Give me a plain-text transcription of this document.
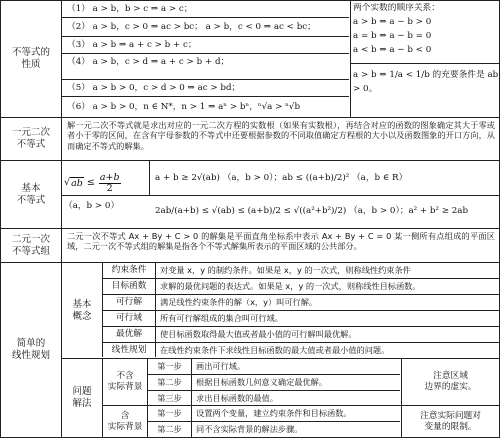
不等式的
性质
（1） a > b，b > c ⇒ a > c；
（2） a > b，c > 0 ⇒ ac > bc； a > b，c < 0 ⇒ ac < bc；
（3） a > b ⇒ a + c > b + c；
（4） a > b，c > d ⇒ a + c > b + d；
（5） a > b > 0，c > d > 0 ⇒ ac > bd；
（6） a > b > 0，n ∈ N*，n > 1 ⇒ aⁿ > bⁿ，ⁿ√a > ⁿ√b
两个实数的顺序关系：
a > b ⇔ a − b > 0
a = b ⇔ a − b = 0
a < b ⇔ a − b < 0
a > b ⇔ 1/a < 1/b 的充要条件是 ab > 0。
一元二次
不等式
解一元二次不等式就是求出对应的一元二次方程的实数根（如果有实数根），再结合对应的函数的图象确定其大于零或者小于零的区间，在含有字母参数的不等式中还要根据参数的不同取值确定方程根的大小以及函数图象的开口方向，从而确定不等式的解集。
基本
不等式
√ ab ≤ $\frac{a+b}{2}$
（a，b > 0）
a + b ≥ 2√(ab) （a，b > 0）；ab ≤ ((a+b)/2)² （a，b ∈ R）
2ab/(a+b) ≤ √(ab) ≤ (a+b)/2 ≤ √((a²+b²)/2) （a，b > 0）；a² + b² ≥ 2ab
二元一次
不等式组
二元一次不等式 Ax + By + C > 0 的解集是平面直角坐标系中表示 Ax + By + C = 0 某一侧所有点组成的平面区域，二元一次不等式组的解集是指各个不等式解集所表示的平面区域的公共部分。
简单的
线性规划
基本
概念
约束条件	对变量 x，y 的制约条件。如果是 x，y 的一次式，则称线性约束条件
目标函数	求解的最优问题的表达式。如果是 x，y 的一次式，则称线性目标函数。
可行解	满足线性约束条件的解（x，y）叫可行解。
可行域	所有可行解组成的集合叫可行域。
最优解	使目标函数取得最大值或者最小值的可行解叫最优解。
线性规划	在线性约束条件下求线性目标函数的最大值或者最小值的问题。
问题
解法
不含
实际背景
第一步	画出可行域。
第二步	根据目标函数几何意义确定最优解。
第三步	求出目标函数的最值。
注意区域
边界的虚实。
含
实际背景
第一步	设置两个变量，建立约束条件和目标函数。
第二步	同不含实际背景的解法步骤。
注意实际问题对
变量的限制。
